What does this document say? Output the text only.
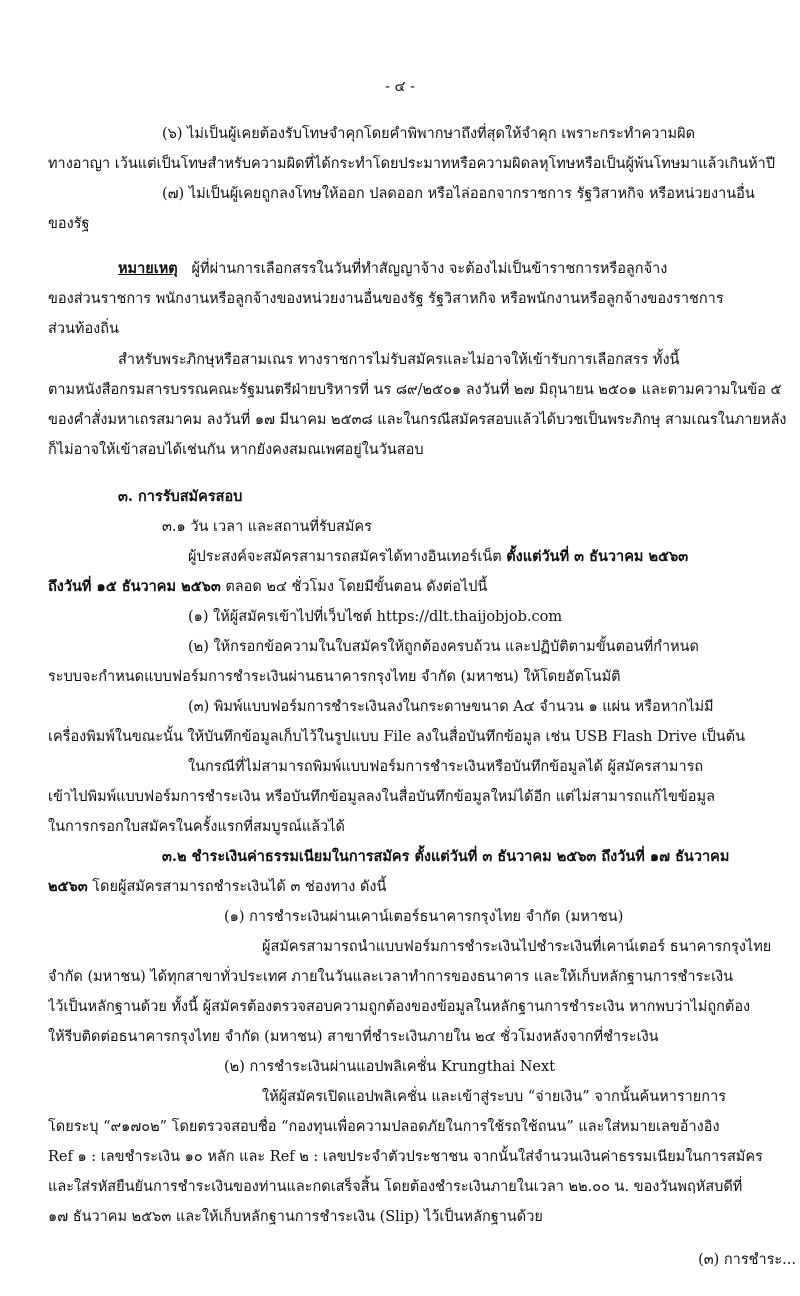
- ๔ -
(๖) ไม่เป็นผู้เคยต้องรับโทษจำคุกโดยคำพิพากษาถึงที่สุดให้จำคุก เพราะกระทำความผิด
ทางอาญา เว้นแต่เป็นโทษสำหรับความผิดที่ได้กระทำโดยประมาทหรือความผิดลหุโทษหรือเป็นผู้พ้นโทษมาแล้วเกินห้าปี
(๗) ไม่เป็นผู้เคยถูกลงโทษให้ออก ปลดออก หรือไล่ออกจากราชการ รัฐวิสาหกิจ หรือหน่วยงานอื่น
ของรัฐ
หมายเหตุ ผู้ที่ผ่านการเลือกสรรในวันที่ทำสัญญาจ้าง จะต้องไม่เป็นข้าราชการหรือลูกจ้าง
ของส่วนราชการ พนักงานหรือลูกจ้างของหน่วยงานอื่นของรัฐ รัฐวิสาหกิจ หรือพนักงานหรือลูกจ้างของราชการ
ส่วนท้องถิ่น
สำหรับพระภิกษุหรือสามเณร ทางราชการไม่รับสมัครและไม่อาจให้เข้ารับการเลือกสรร ทั้งนี้
ตามหนังสือกรมสารบรรณคณะรัฐมนตรีฝ่ายบริหารที่ นร ๘๙/๒๕๐๑ ลงวันที่ ๒๗ มิถุนายน ๒๕๐๑ และตามความในข้อ ๕
ของคำสั่งมหาเถรสมาคม ลงวันที่ ๑๗ มีนาคม ๒๕๓๘ และในกรณีสมัครสอบแล้วได้บวชเป็นพระภิกษุ สามเณรในภายหลัง
ก็ไม่อาจให้เข้าสอบได้เช่นกัน หากยังคงสมณเพศอยู่ในวันสอบ
๓. การรับสมัครสอบ
๓.๑ วัน เวลา และสถานที่รับสมัคร
ผู้ประสงค์จะสมัครสามารถสมัครได้ทางอินเทอร์เน็ต ตั้งแต่วันที่ ๓ ธันวาคม ๒๕๖๓
ถึงวันที่ ๑๕ ธันวาคม ๒๕๖๓ ตลอด ๒๔ ชั่วโมง โดยมีขั้นตอน ดังต่อไปนี้
(๑) ให้ผู้สมัครเข้าไปที่เว็บไซต์ https://dlt.thaijobjob.com
(๒) ให้กรอกข้อความในใบสมัครให้ถูกต้องครบถ้วน และปฏิบัติตามขั้นตอนที่กำหนด
ระบบจะกำหนดแบบฟอร์มการชำระเงินผ่านธนาคารกรุงไทย จำกัด (มหาชน) ให้โดยอัตโนมัติ
(๓) พิมพ์แบบฟอร์มการชำระเงินลงในกระดาษขนาด A๔ จำนวน ๑ แผ่น หรือหากไม่มี
เครื่องพิมพ์ในขณะนั้น ให้บันทึกข้อมูลเก็บไว้ในรูปแบบ File ลงในสื่อบันทึกข้อมูล เช่น USB Flash Drive เป็นต้น
ในกรณีที่ไม่สามารถพิมพ์แบบฟอร์มการชำระเงินหรือบันทึกข้อมูลได้ ผู้สมัครสามารถ
เข้าไปพิมพ์แบบฟอร์มการชำระเงิน หรือบันทึกข้อมูลลงในสื่อบันทึกข้อมูลใหม่ได้อีก แต่ไม่สามารถแก้ไขข้อมูล
ในการกรอกใบสมัครในครั้งแรกที่สมบูรณ์แล้วได้
๓.๒ ชำระเงินค่าธรรมเนียมในการสมัคร ตั้งแต่วันที่ ๓ ธันวาคม ๒๕๖๓ ถึงวันที่ ๑๗ ธันวาคม
๒๕๖๓ โดยผู้สมัครสามารถชำระเงินได้ ๓ ช่องทาง ดังนี้
(๑) การชำระเงินผ่านเคาน์เตอร์ธนาคารกรุงไทย จำกัด (มหาชน)
ผู้สมัครสามารถนำแบบฟอร์มการชำระเงินไปชำระเงินที่เคาน์เตอร์ ธนาคารกรุงไทย
จำกัด (มหาชน) ได้ทุกสาขาทั่วประเทศ ภายในวันและเวลาทำการของธนาคาร และให้เก็บหลักฐานการชำระเงิน
ไว้เป็นหลักฐานด้วย ทั้งนี้ ผู้สมัครต้องตรวจสอบความถูกต้องของข้อมูลในหลักฐานการชำระเงิน หากพบว่าไม่ถูกต้อง
ให้รีบติดต่อธนาคารกรุงไทย จำกัด (มหาชน) สาขาที่ชำระเงินภายใน ๒๔ ชั่วโมงหลังจากที่ชำระเงิน
(๒) การชำระเงินผ่านแอปพลิเคชั่น Krungthai Next
ให้ผู้สมัครเปิดแอปพลิเคชั่น และเข้าสู่ระบบ “จ่ายเงิน” จากนั้นค้นหารายการ
โดยระบุ “๙๑๗๐๒” โดยตรวจสอบชื่อ “กองทุนเพื่อความปลอดภัยในการใช้รถใช้ถนน” และใส่หมายเลขอ้างอิง
Ref ๑ : เลขชำระเงิน ๑๐ หลัก และ Ref ๒ : เลขประจำตัวประชาชน จากนั้นใส่จำนวนเงินค่าธรรมเนียมในการสมัคร
และใส่รหัสยืนยันการชำระเงินของท่านและกดเสร็จสิ้น โดยต้องชำระเงินภายในเวลา ๒๒.๐๐ น. ของวันพฤหัสบดีที่
๑๗ ธันวาคม ๒๕๖๓ และให้เก็บหลักฐานการชำระเงิน (Slip) ไว้เป็นหลักฐานด้วย
(๓) การชำระ...
